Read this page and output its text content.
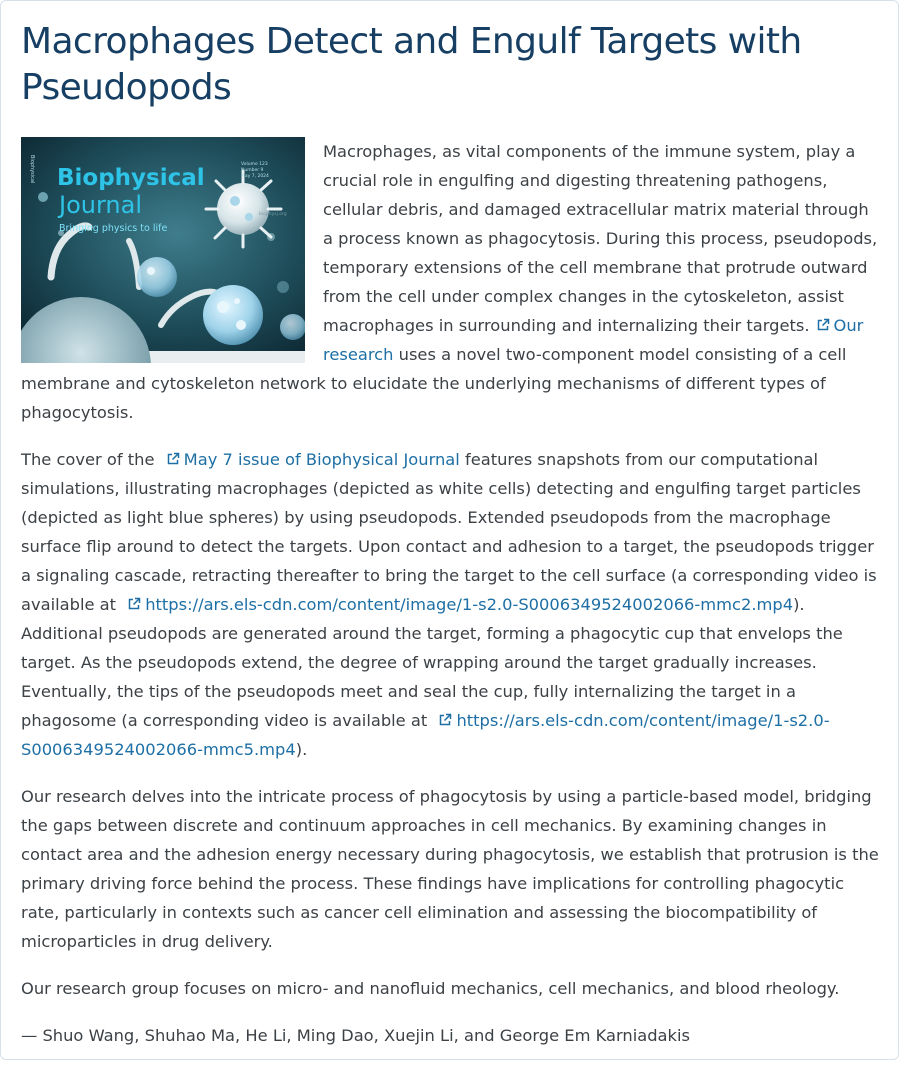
Macrophages Detect and Engulf Targets with Pseudopods
Biophysical
Journal
Bringing physics to life
Biophysical	Volume 123
Number 9
May 7, 2024
biophysj.org

Macrophages, as vital components of the immune system, play a crucial role in engulfing and digesting threatening pathogens, cellular debris, and damaged extracellular matrix material through a process known as phagocytosis. During this process, pseudopods, temporary extensions of the cell membrane that protrude outward from the cell under complex changes in the cytoskeleton, assist macrophages in surrounding and internalizing their targets. Our research uses a novel two-component model consisting of a cell membrane and cytoskeleton network to elucidate the underlying mechanisms of different types of phagocytosis.

The cover of the May 7 issue of Biophysical Journal features snapshots from our computational simulations, illustrating macrophages (depicted as white cells) detecting and engulfing target particles (depicted as light blue spheres) by using pseudopods. Extended pseudopods from the macrophage surface flip around to detect the targets. Upon contact and adhesion to a target, the pseudopods trigger a signaling cascade, retracting thereafter to bring the target to the cell surface (a corresponding video is available at https://ars.els-cdn.com/content/image/1-s2.0-S0006349524002066-mmc2.mp4). Additional pseudopods are generated around the target, forming a phagocytic cup that envelops the target. As the pseudopods extend, the degree of wrapping around the target gradually increases. Eventually, the tips of the pseudopods meet and seal the cup, fully internalizing the target in a phagosome (a corresponding video is available at https://ars.els-cdn.com/content/image/1-s2.0-S0006349524002066-mmc5.mp4).

Our research delves into the intricate process of phagocytosis by using a particle-based model, bridging the gaps between discrete and continuum approaches in cell mechanics. By examining changes in contact area and the adhesion energy necessary during phagocytosis, we establish that protrusion is the primary driving force behind the process. These findings have implications for controlling phagocytic rate, particularly in contexts such as cancer cell elimination and assessing the biocompatibility of microparticles in drug delivery.

Our research group focuses on micro- and nanofluid mechanics, cell mechanics, and blood rheology.

— Shuo Wang, Shuhao Ma, He Li, Ming Dao, Xuejin Li, and George Em Karniadakis
